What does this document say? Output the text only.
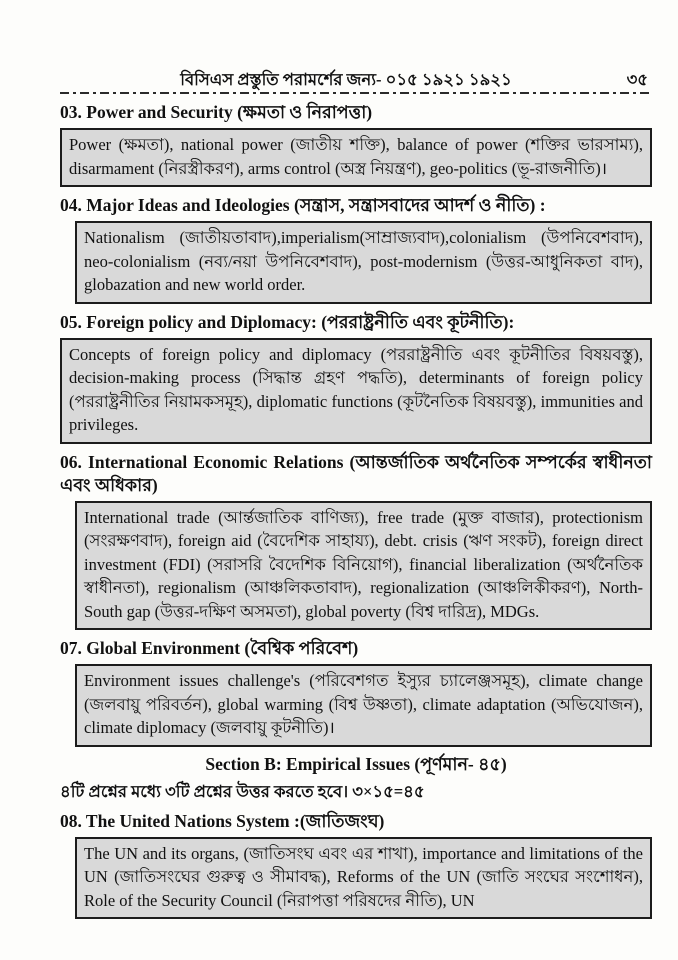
বিসিএস প্রস্তুতি পরামর্শের জন্য- ০১৫ ১৯২১ ১৯২১	৩৫
03. Power and Security (ক্ষমতা ও নিরাপত্তা)
Power (ক্ষমতা), national power (জাতীয় শক্তি), balance of power (শক্তির ভারসাম্য), disarmament (নিরস্ত্রীকরণ), arms control (অস্ত্র নিয়ন্ত্রণ), geo-politics (ভূ-রাজনীতি)।
04. Major Ideas and Ideologies (সন্ত্রাস, সন্ত্রাসবাদের আদর্শ ও নীতি) :
Nationalism (জাতীয়তাবাদ),imperialism(সাম্রাজ্যবাদ),colonialism (উপনিবেশবাদ), neo-colonialism (নব্য/নয়া উপনিবেশবাদ), post-modernism (উত্তর-আধুনিকতা বাদ), globazation and new world order.
05. Foreign policy and Diplomacy: (পররাষ্ট্রনীতি এবং কূটনীতি):
Concepts of foreign policy and diplomacy (পররাষ্ট্রনীতি এবং কূটনীতির বিষয়বস্তু), decision-making process (সিদ্ধান্ত গ্রহণ পদ্ধতি), determinants of foreign policy (পররাষ্ট্রনীতির নিয়ামকসমূহ), diplomatic functions (কূটনৈতিক বিষয়বস্তু), immunities and privileges.
06. International Economic Relations (আন্তর্জাতিক অর্থনৈতিক সম্পর্কের স্বাধীনতা এবং অধিকার)
International trade (আর্ন্তজাতিক বাণিজ্য), free trade (মুক্ত বাজার), protectionism (সংরক্ষণবাদ), foreign aid (বৈদেশিক সাহায্য), debt. crisis (ঋণ সংকট), foreign direct investment (FDI) (সরাসরি বৈদেশিক বিনিয়োগ), financial liberalization (অর্থনৈতিক স্বাধীনতা), regionalism (আঞ্চলিকতাবাদ), regionalization (আঞ্চলিকীকরণ), North-South gap (উত্তর-দক্ষিণ অসমতা), global poverty (বিশ্ব দারিদ্র), MDGs.
07. Global Environment (বৈশ্বিক পরিবেশ)
Environment issues challenge's (পরিবেশগত ইস্যুর চ্যালেঞ্জসমূহ), climate change (জলবায়ু পরিবর্তন), global warming (বিশ্ব উষ্ণতা), climate adaptation (অভিযোজন), climate diplomacy (জলবায়ু কূটনীতি)।
Section B: Empirical Issues (পূর্ণমান- ৪৫)
৪টি প্রশ্নের মধ্যে ৩টি প্রশ্নের উত্তর করতে হবে। ৩×১৫=৪৫
08. The United Nations System :(জাতিজংঘ)
The UN and its organs, (জাতিসংঘ এবং এর শাখা), importance and limitations of the UN (জাতিসংঘের গুরুত্ব ও সীমাবদ্ধ), Reforms of the UN (জাতি সংঘের সংশোধন), Role of the Security Council (নিরাপত্তা পরিষদের নীতি), UN
